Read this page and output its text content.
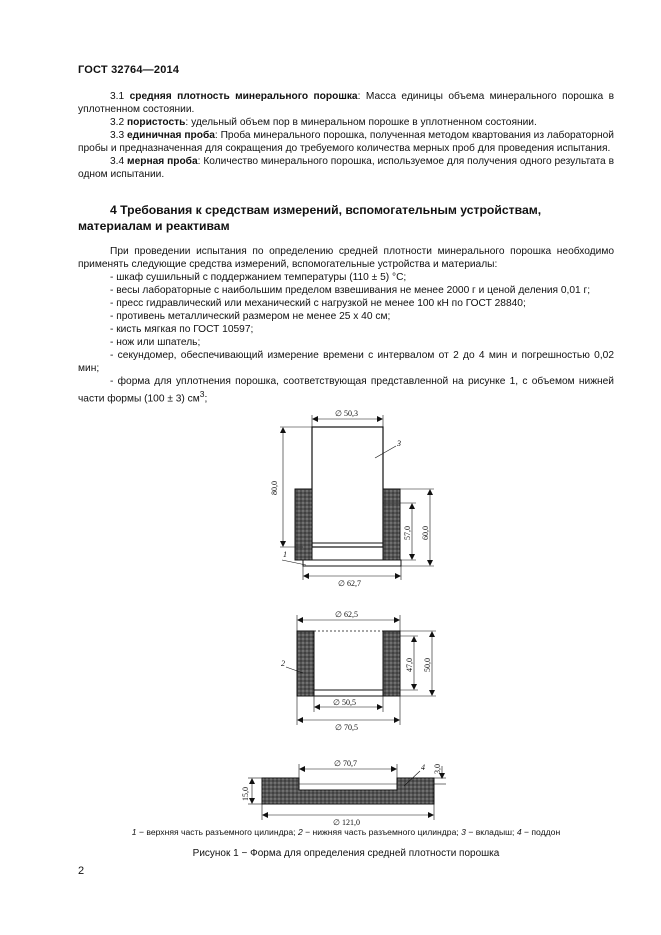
ГОСТ 32764—2014

3.1 средняя плотность минерального порошка: Масса единицы объема минерального порошка в уплотненном состоянии.

3.2 пористость: удельный объем пор в минеральном порошке в уплотненном состоянии.

3.3 единичная проба: Проба минерального порошка, полученная методом квартования из лабораторной пробы и предназначенная для сокращения до требуемого количества мерных проб для проведения испытания.

3.4 мерная проба: Количество минерального порошка, используемое для получения одного результата в одном испытании.

4 Требования к средствам измерений, вспомогательным устройствам, материалам и реактивам

При проведении испытания по определению средней плотности минерального порошка необходимо применять следующие средства измерений, вспомогательные устройства и материалы:

- шкаф сушильный с поддержанием температуры (110 ± 5) °С;

- весы лабораторные с наибольшим пределом взвешивания не менее 2000 г и ценой деления 0,01 г;

- пресс гидравлический или механический с нагрузкой не менее 100 кН по ГОСТ 28840;

- противень металлический размером не менее 25 х 40 см;

- кисть мягкая по ГОСТ 10597;

- нож или шпатель;

- секундомер, обеспечивающий измерение времени с интервалом от 2 до 4 мин и погрешностью 0,02 мин;

- форма для уплотнения порошка, соответствующая представленной на рисунке 1, с объемом нижней части формы (100 ± 3) $см^3$;

∅ 50,3
80,0
57,0 60,0
∅ 62,7
3
1
∅ 62,5
∅ 50,5
∅ 70,5
47,0 50,0
2
∅ 70,7
∅ 121,0
15,0
3,0
4
1 − верхняя часть разъемного цилиндра; 2 − нижняя часть разъемного цилиндра; 3 − вкладыш; 4 − поддон
Рисунок 1 − Форма для определения средней плотности порошка
2
